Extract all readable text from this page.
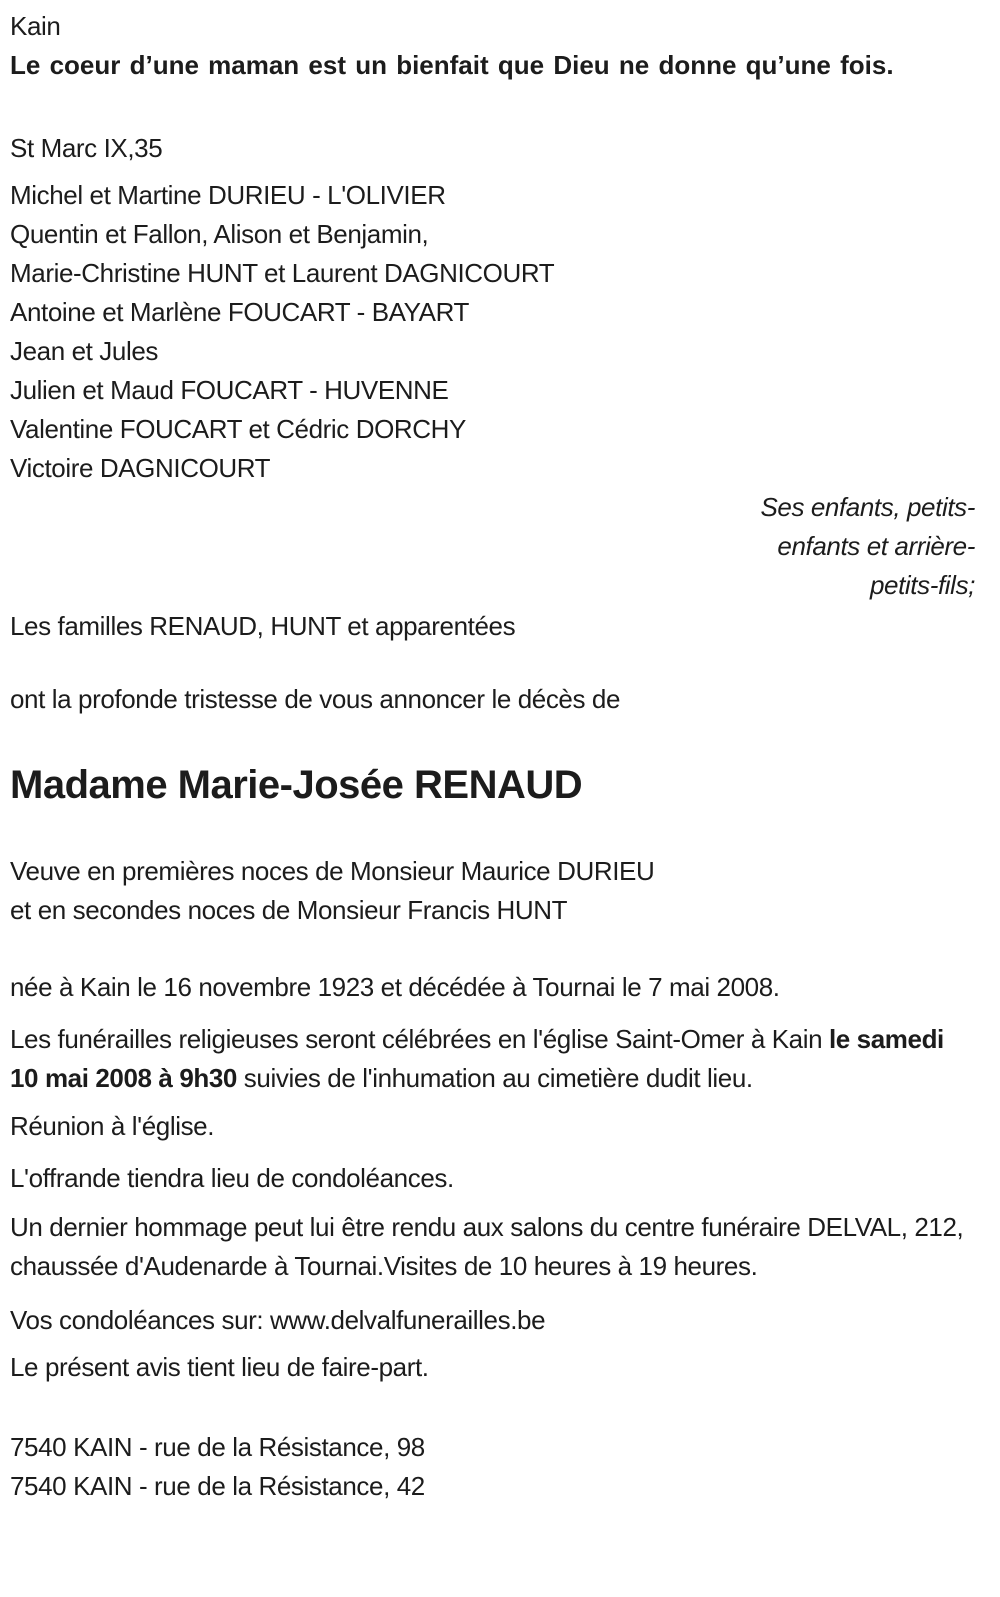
Kain

Le coeur d’une maman est un bienfait que Dieu ne donne qu’une fois.

St Marc IX,35

Michel et Martine DURIEU - L'OLIVIER
Quentin et Fallon, Alison et Benjamin,
Marie-Christine HUNT et Laurent DAGNICOURT
Antoine et Marlène FOUCART - BAYART
Jean et Jules
Julien et Maud FOUCART - HUVENNE
Valentine FOUCART et Cédric DORCHY
Victoire DAGNICOURT
Ses enfants, petits-
enfants et arrière-
petits-fils;

Les familles RENAUD, HUNT et apparentées

ont la profonde tristesse de vous annoncer le décès de

Madame Marie-Josée RENAUD
Veuve en premières noces de Monsieur Maurice DURIEU
et en secondes noces de Monsieur Francis HUNT

née à Kain le 16 novembre 1923 et décédée à Tournai le 7 mai 2008.

Les funérailles religieuses seront célébrées en l'église Saint-Omer à Kain le samedi 10 mai 2008 à 9h30 suivies de l'inhumation au cimetière dudit lieu.

Réunion à l'église.

L'offrande tiendra lieu de condoléances.

Un dernier hommage peut lui être rendu aux salons du centre funéraire DELVAL, 212, chaussée d'Audenarde à Tournai.Visites de 10 heures à 19 heures.

Vos condoléances sur: www.delvalfunerailles.be

Le présent avis tient lieu de faire-part.

7540 KAIN - rue de la Résistance, 98
7540 KAIN - rue de la Résistance, 42
